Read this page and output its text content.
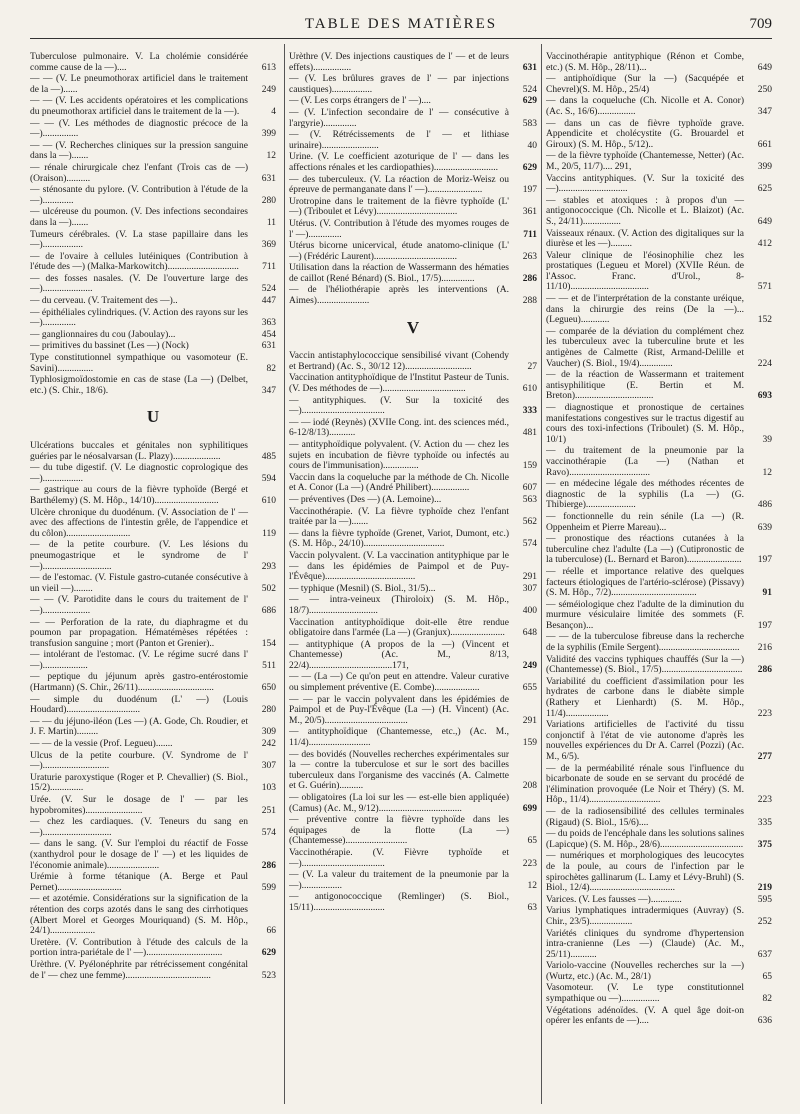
TABLE DES MATIÈRES	709
Tuberculose pulmonaire. V. La cholémie considérée comme cause de la —)....	613
— — (V. Le pneumothorax artificiel dans le traitement de la —)......	249
— — (V. Les accidents opératoires et les complications du pneumothorax artificiel dans le traitement de la —).	4
— — (V. Les méthodes de diagnostic précoce de la —)...............	399
— — (V. Recherches cliniques sur la pression sanguine dans la —).......	12
— rénale chirurgicale chez l'enfant (Trois cas de —) (Oraison)..........	631
— sténosante du pylore. (V. Contribution à l'étude de la —).............	280
— ulcéreuse du poumon. (V. Des infections secondaires dans la —).......	11
Tumeurs cérébrales. (V. La stase papillaire dans les —).................	369
— de l'ovaire à cellules lutéiniques (Contribution à l'étude des —) (Malka-Markowitch)..............................	711
— des fosses nasales. (V. De l'ouverture large des —).....................	524
— du cerveau. (V. Traitement des —)..	447
— épithéliales cylindriques. (V. Action des rayons sur les —)..............	363
— ganglionnaires du cou (Jaboulay)...	454
— primitives du bassinet (Les —) (Nock)	631
Type constitutionnel sympathique ou vasomoteur (E. Savini)...............	82
Typhlosigmoïdostomie en cas de stase (La —) (Delbet, etc.) (S. Chir., 18/6).	347
U
Ulcérations buccales et génitales non syphilitiques guéries par le néosalvarsan (L. Plazy)....................	485
— du tube digestif. (V. Le diagnostic coprologique des —).................	594
— gastrique au cours de la fièvre typhoïde (Bergé et Barthélemy) (S. M. Hôp., 14/10)...........................	610
Ulcère chronique du duodénum. (V. Association de l' — avec des affections de l'intestin grêle, de l'appendice et du côlon)...........................	119
— de la petite courbure. (V. Les lésions du pneumogastrique et le syndrome de l' —).............................	293
— de l'estomac. (V. Fistule gastro-cutanée consécutive à un vieil —)........	502
— — (V. Parotidite dans le cours du traitement de l' —)....................	686
— — Perforation de la rate, du diaphragme et du poumon par propagation. Hématémèses répétées : transfusion sanguine ; mort (Panton et Grenier)..	154
— intolérant de l'estomac. (V. Le régime sucré dans l' —)...................	511
— peptique du jéjunum après gastro-entérostomie (Hartmann) (S. Chir., 26/11)................................	650
— simple du duodénum (L' —) (Louis Houdard)...............................	280
— — du jéjuno-iléon (Les —) (A. Gode, Ch. Roudier, et J. F. Martin).........	309
— — de la vessie (Prof. Legueu).......	242
Ulcus de la petite courbure. (V. Syndrome de l' —)............................	307
Uraturie paroxystique (Roger et P. Chevallier) (S. Biol., 15/2)..............	103
Urée. (V. Sur le dosage de l' — par les hypobromites)........................	251
— chez les cardiaques. (V. Teneurs du sang en —).............................	574
— dans le sang. (V. Sur l'emploi du réactif de Fosse (xanthydrol pour le dosage de l' —) et les liquides de l'économie animale)......................	286
Urémie à forme tétanique (A. Berge et Paul Pernet)...........................	599
— et azotémie. Considérations sur la signification de la rétention des corps azotés dans le sang des cirrhotiques (Albert Morel et Georges Mouriquand) (S. M. Hôp., 24/1)...................	66
Uretère. (V. Contribution à l'étude des calculs de la portion intra-pariétale de l' —)................................	629
Urèthre. (V. Pyélonéphrite par rétrécissement congénital de l' — chez une femme)....................................	523
Urèthre (V. Des injections caustiques de l' — et de leurs effets)................	631
— (V. Les brûlures graves de l' — par injections caustiques).................	524
— (V. Les corps étrangers de l' —)....	629
— (V. L'infection secondaire de l' — consécutive à l'argyrie)..............	583
— (V. Rétrécissements de l' — et lithiase urinaire)........................	40
Urine. (V. Le coefficient azoturique de l' — dans les affections rénales et les cardiopathies)...........................	629
— des tuberculeux. (V. La réaction de Moriz-Weisz ou épreuve de permanganate dans l' —).......................	197
Urotropine dans le traitement de la fièvre typhoïde (L' —) (Triboulet et Lévy)..................................	361
Utérus. (V. Contribution à l'étude des myomes rouges de l' —)..............	711
Utérus bicorne unicervical, étude anatomo-clinique (L' —) (Frédéric Laurent)...................................	263
Utilisation dans la réaction de Wassermann des hématies de caillot (René Bénard) (S. Biol., 17/5)..............	286
— de l'héliothérapie après les interventions (A. Aimes)......................	288
V
Vaccin antistaphylococcique sensibilisé vivant (Cohendy et Bertrand) (Ac. S., 30/12 12)............................	27
Vaccination antityphoïdique de l'Institut Pasteur de Tunis. (V. Des méthodes de —)...................................	610
— antityphiques. (V. Sur la toxicité des —)...................................	333
— — iodé (Reynès) (XVIIe Cong. int. des sciences méd., 6-12/8/13)...........	481
— antityphoïdique polyvalent. (V. Action du — chez les sujets en incubation de fièvre typhoïde ou infectés au cours de l'immunisation)...............	159
Vaccin dans la coqueluche par la méthode de Ch. Nicolle et A. Conor (La —) (André Philibert)................	607
— préventives (Des —) (A. Lemoine)...	563
Vaccinothérapie. (V. La fièvre typhoïde chez l'enfant traitée par la —).......	562
— dans la fièvre typhoïde (Grenet, Variot, Dumont, etc.) (S. M. Hôp., 24/10)..................................	574
Vaccin polyvalent. (V. La vaccination antityphique par le — dans les épidémies de Paimpol et de Puy-l'Évêque)......................................	291
— typhique (Mesnil) (S. Biol., 31/5)...	307
— — intra-veineux (Thiroloix) (S. M. Hôp., 18/7).............................	400
Vaccination antityphoïdique doit-elle être rendue obligatoire dans l'armée (La —) (Granjux).......................	648
— antityphique (A propos de la —) (Vincent et Chantemesse) (Ac. M., 8/13, 22/4)...................................171,	249
— — (La —) Ce qu'on peut en attendre. Valeur curative ou simplement préventive (E. Combe)...................	655
— — par le vaccin polyvalent dans les épidémies de Paimpol et de Puy-l'Évêque (La —) (H. Vincent) (Ac. M., 20/5)...................................	291
— antityphoïdique (Chantemesse, etc.,) (Ac. M., 11/4)..........................	159
— des bovidés (Nouvelles recherches expérimentales sur la — contre la tuberculose et sur le sort des bacilles tuberculeux dans l'organisme des vaccinés (A. Calmette et G. Guérin)..........	208
— obligatoires (La loi sur les — est-elle bien appliquée) (Camus) (Ac. M., 9/12)...................................	699
— préventive contre la fièvre typhoïde dans les équipages de la flotte (La —) (Chantemesse)..........................	65
Vaccinothérapie. (V. Fièvre typhoïde et —)...................................	223
— (V. La valeur du traitement de la pneumonie par la —).................	12
— antigonococcique (Remlinger) (S. Biol., 15/11)..............................	63
Vaccinothérapie antityphique (Rénon et Combe, etc.) (S. M. Hôp., 28/11)...	649
— antiphoïdique (Sur la —) (Sacquépée et Chevrel)(S. M. Hôp., 25/4)	250
— dans la coqueluche (Ch. Nicolle et A. Conor) (Ac. S., 16/6)................	347
— dans un cas de fièvre typhoïde grave. Appendicite et cholécystite (G. Brouardel et Giroux) (S. M. Hôp., 5/12)..	661
— de la fièvre typhoïde (Chantemesse, Netter) (Ac. M., 20/5, 11/7).... 291,	399
Vaccins antityphiques. (V. Sur la toxicité des —).............................	625
— stables et atoxiques : à propos d'un — antigonococcique (Ch. Nicolle et L. Blaizot) (Ac. S., 24/11)................	649
Vaisseaux rénaux. (V. Action des digitaliques sur la diurèse et les —).........	412
Valeur clinique de l'éosinophilie chez les prostatiques (Legueu et Morel) (XVIIe Réun. de l'Assoc. Franc. d'Urol., 8-11/10).................................	571
— — et de l'interprétation de la constante uréique, dans la chirurgie des reins (De la —)... (Legueu)............	152
— comparée de la déviation du complément chez les tuberculeux avec la tuberculine brute et les antigènes de Calmette (Rist, Armand-Delille et Vaucher) (S. Biol., 19/4)..............	224
— de la réaction de Wassermann et traitement antisyphilitique (E. Bertin et M. Breton).................................	693
— diagnostique et pronostique de certaines manifestations congestives sur le tractus digestif au cours des toxi-infections (Triboulet) (S. M. Hôp., 10/1)	39
— du traitement de la pneumonie par la vaccinothérapie (La —) (Nathan et Ravo)..................................	12
— en médecine légale des méthodes récentes de diagnostic de la syphilis (La —) (G. Thibierge).....................	486
— fonctionnelle du rein sénile (La —) (R. Oppenheim et Pierre Mareau)...	639
— pronostique des réactions cutanées à la tuberculine chez l'adulte (La —) (Cutipronostic de la tuberculose) (L. Bernard et Baron).......................	197
— réelle et importance relative des quelques facteurs étiologiques de l'artério-sclérose) (Pissavy) (S. M. Hôp., 7/2)....................................	91
— séméiologique chez l'adulte de la diminution du murmure vésiculaire limitée des sommets (F. Besançon)...	197
— — de la tuberculose fibreuse dans la recherche de la syphilis (Emile Sergent)..................................	216
Validité des vaccins typhiques chauffés (Sur la —) (Chantemesse) (S. Biol., 17/5)..................................	286
Variabilité du coefficient d'assimilation pour les hydrates de carbone dans le diabète simple (Rathery et Lienhardt) (S. M. Hôp., 11/4)..................	223
Variations artificielles de l'activité du tissu conjonctif à l'état de vie autonome d'après les nouvelles expériences du Dr A. Carrel (Pozzi) (Ac. M., 6/5).	277
— de la perméabilité rénale sous l'influence du bicarbonate de soude en se servant du procédé de l'élimination provoquée (Le Noir et Théry) (S. M. Hôp., 11/4)..............................	223
— de la radiosensibilité des cellules terminales (Rigaud) (S. Biol., 15/6)....	335
— du poids de l'encéphale dans les solutions salines (Lapicque) (S. M. Hôp., 28/6)...................................	375
— numériques et morphologiques des leucocytes de la poule, au cours de l'infection par le spirochètes gallinarum (L. Lamy et Lévy-Bruhl) (S. Biol., 12/4)....................................	219
Varices. (V. Les fausses —).............	595
Varius lymphatiques intradermiques (Auvray) (S. Chir., 23/5)..................	252
Variétés cliniques du syndrome d'hypertension intra-cranienne (Les —) (Claude) (Ac. M., 25/11)...........	637
Variolo-vaccine (Nouvelles recherches sur la —) (Wurtz, etc.) (Ac. M., 28/1)	65
Vasomoteur. (V. Le type constitutionnel sympathique ou —)................	82
Végétations adénoïdes. (V. A quel âge doit-on opérer les enfants de —)....	636
